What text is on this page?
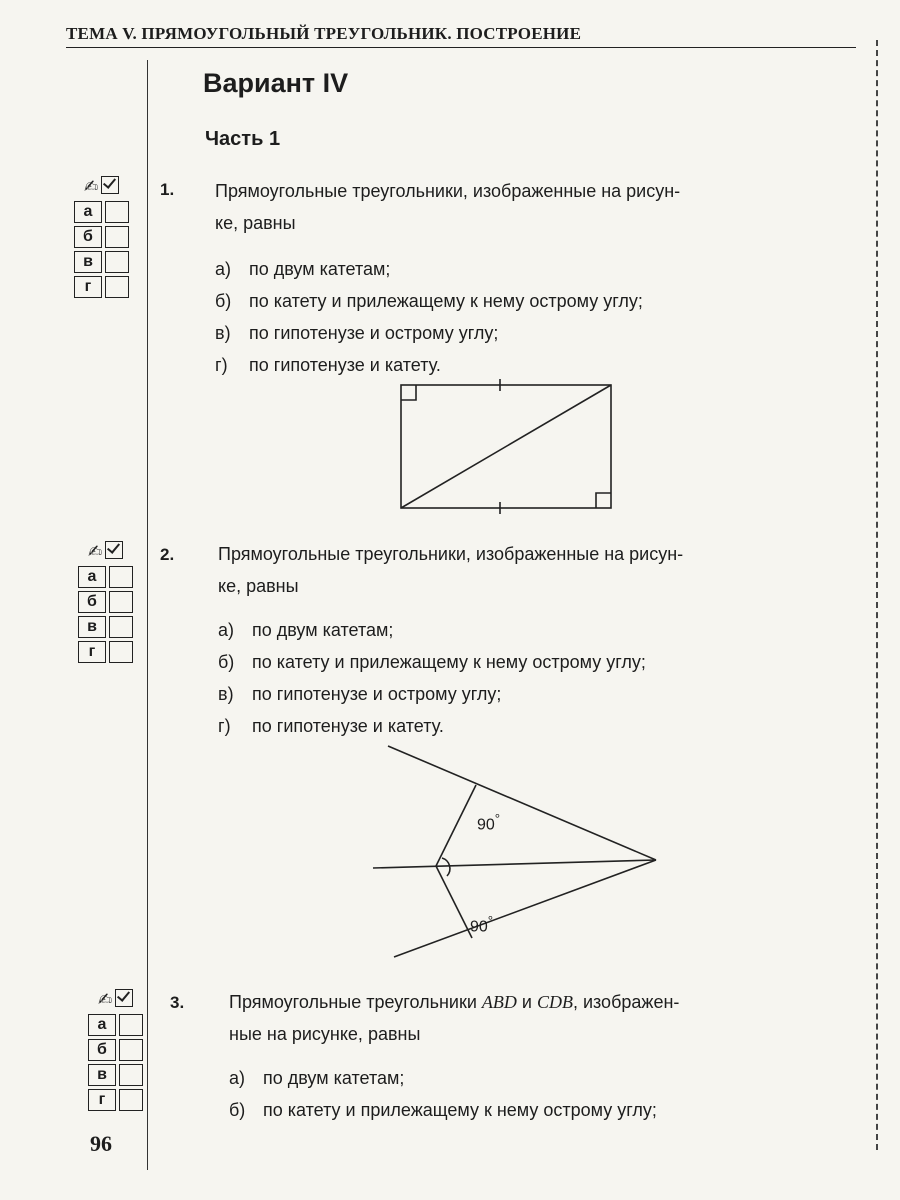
ТЕМА V. ПРЯМОУГОЛЬНЫЙ ТРЕУГОЛЬНИК. ПОСТРОЕНИЕ
Вариант IV
Часть 1
✍
а
б
в
г
1. Прямоугольные треугольники, изображенные на рисун-
ке, равны
а) по двум катетам;
б) по катету и прилежащему к нему острому углу;
в) по гипотенузе и острому углу;
г) по гипотенузе и катету.
✍
а
б
в
г
2. Прямоугольные треугольники, изображенные на рисун-
ке, равны
а) по двум катетам;
б) по катету и прилежащему к нему острому углу;
в) по гипотенузе и острому углу;
г) по гипотенузе и катету.
90°
90°
✍
а
б
в
г
3. Прямоугольные треугольники ABD и CDB, изображен-
ные на рисунке, равны
а) по двум катетам;
б) по катету и прилежащему к нему острому углу;
96
